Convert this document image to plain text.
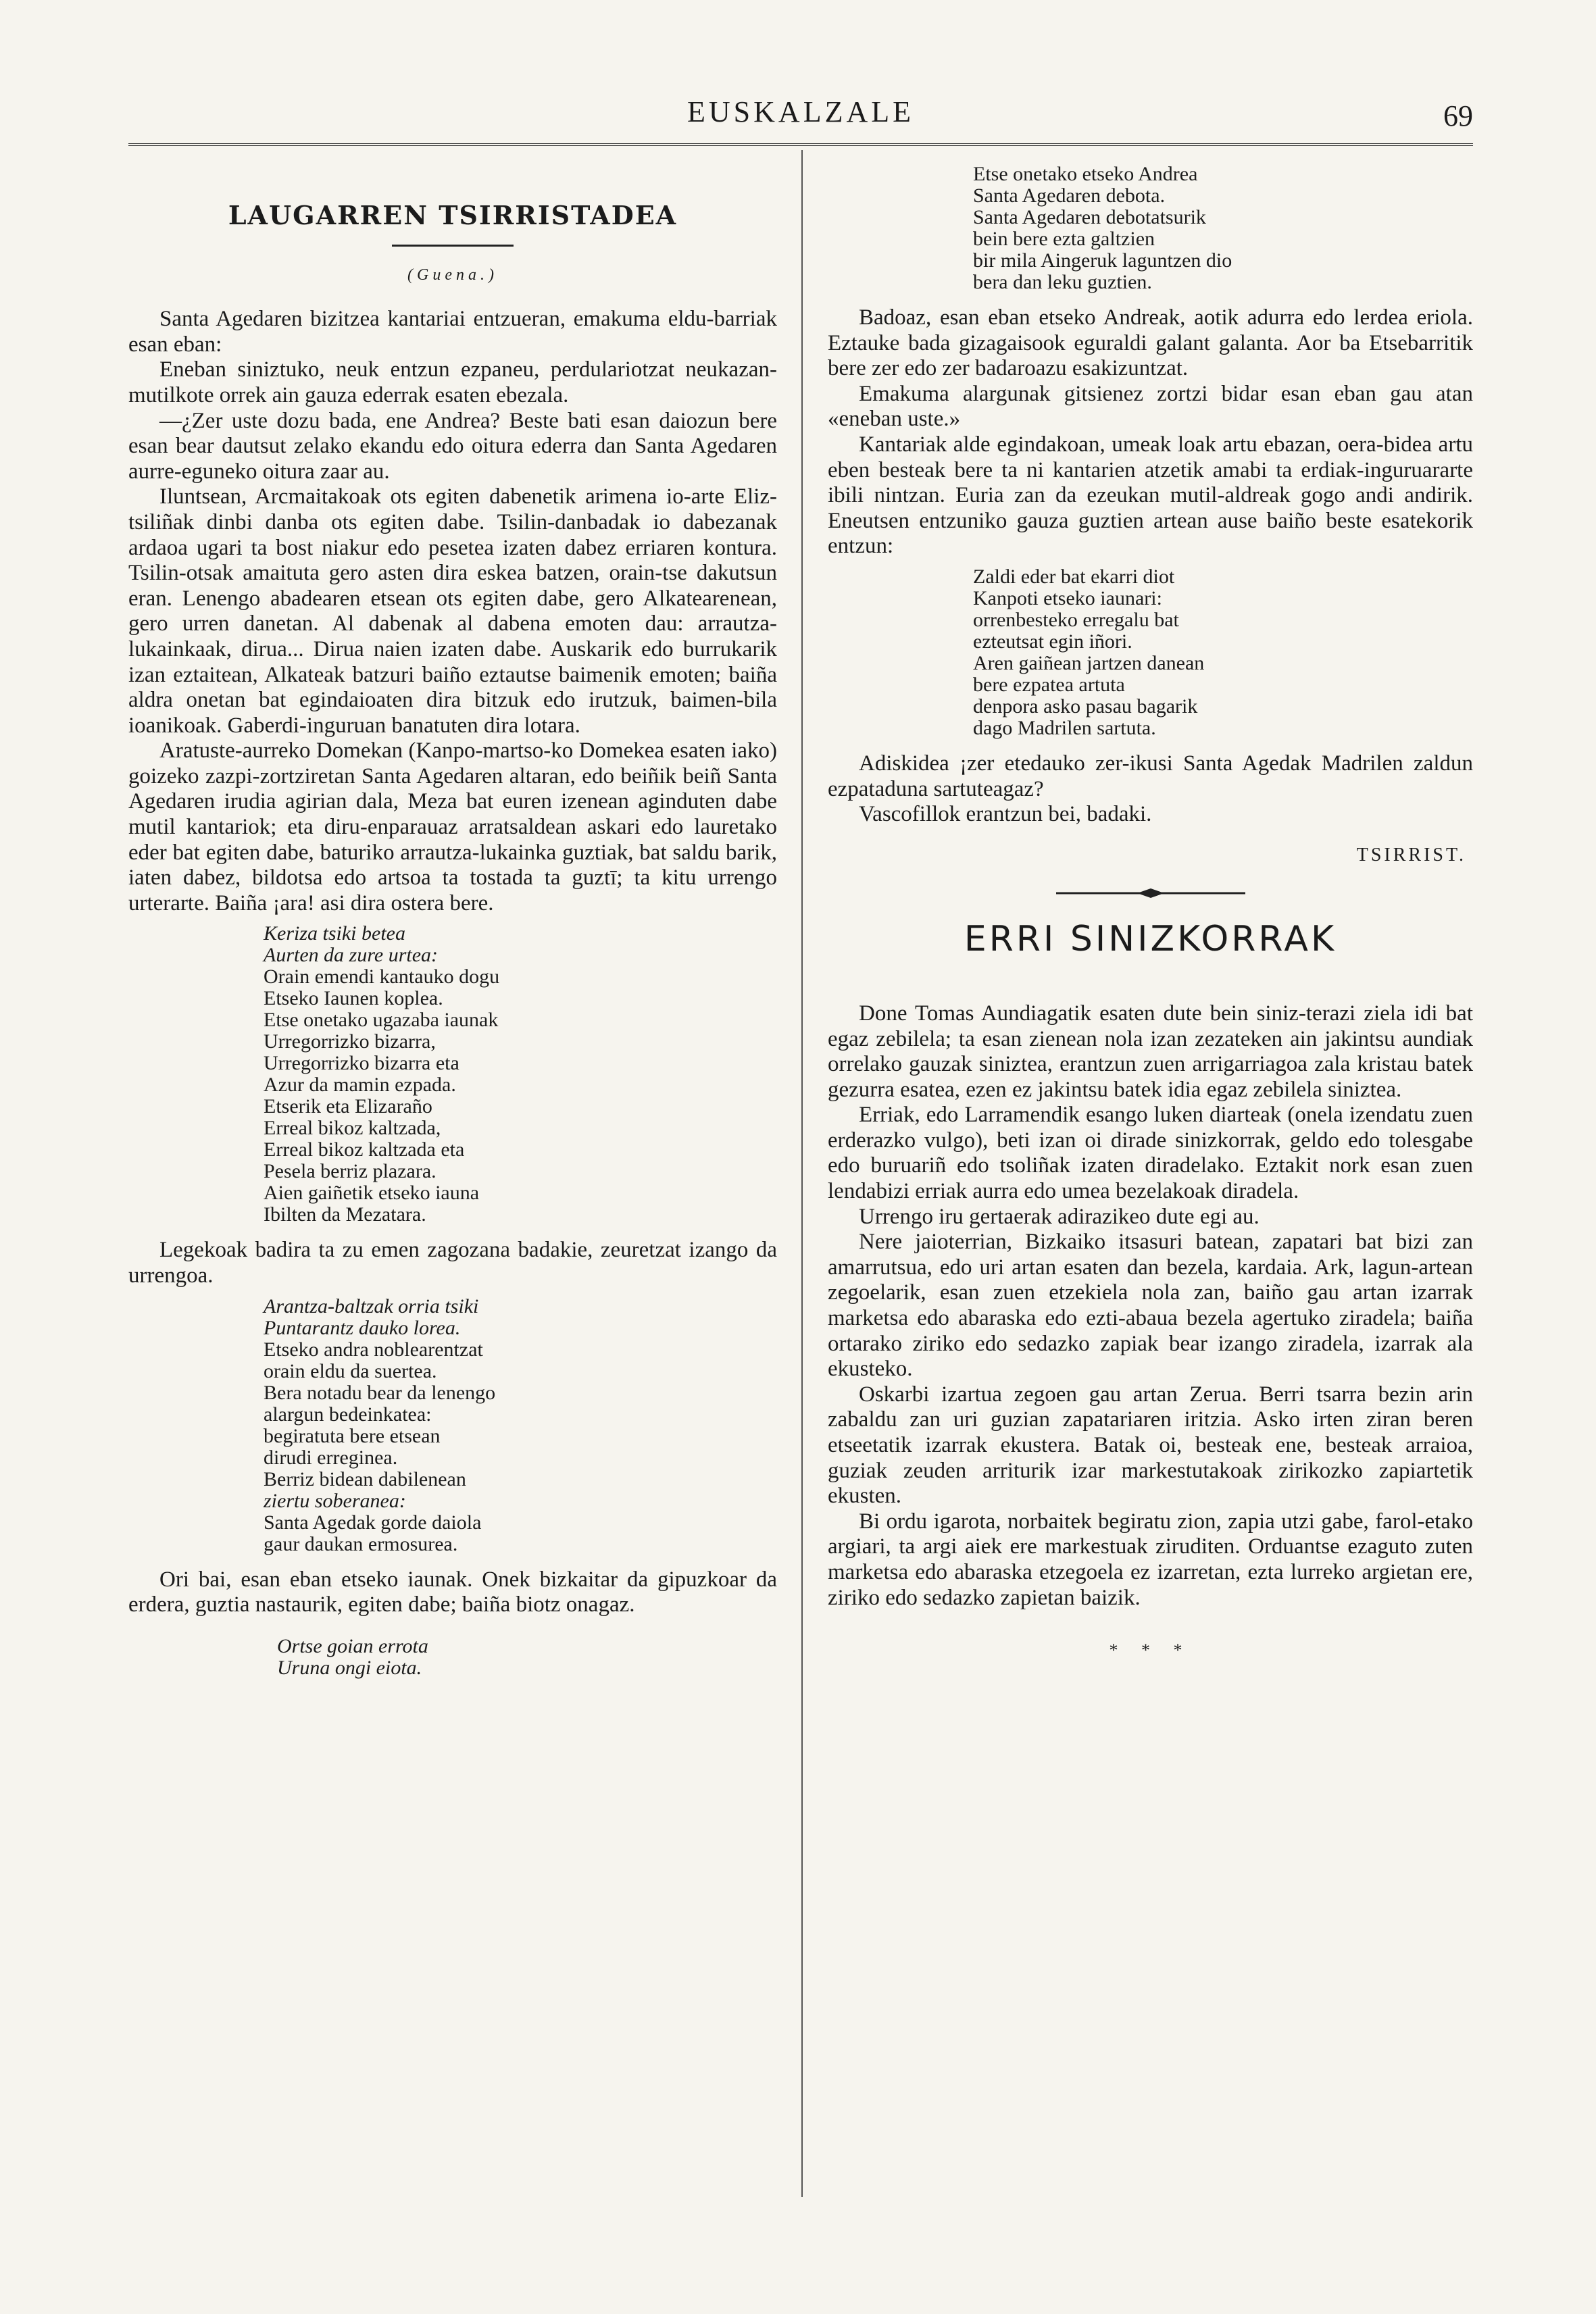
EUSKALZALE	69
LAUGARREN TSIRRISTADEA
(Guena.)

Santa Agedaren bizitzea kantariai entzueran, emakuma eldu-barriak esan eban:

Eneban siniztuko, neuk entzun ezpaneu, perdulariotzat neukazan-mutilkote orrek ain gauza ederrak esaten ebezala.

—¿Zer uste dozu bada, ene Andrea? Beste bati esan daiozun bere esan bear dautsut zelako ekandu edo oitura ederra dan Santa Agedaren aurre-eguneko oitura zaar au.

Iluntsean, Arcmaitakoak ots egiten dabenetik arimena io-arte Eliz-tsiliñak dinbi danba ots egiten dabe. Tsilin-danbadak io dabezanak ardaoa ugari ta bost niakur edo pesetea izaten dabez erriaren kontura. Tsilin-otsak amaituta gero asten dira eskea batzen, orain-tse dakutsun eran. Lenengo abadearen etsean ots egiten dabe, gero Alkatearenean, gero urren danetan. Al dabenak al dabena emoten dau: arrautza-lukainkaak, dirua... Dirua naien izaten dabe. Auskarik edo burrukarik izan eztaitean, Alkateak batzuri baiño eztautse baimenik emoten; baiña aldra onetan bat egindaioaten dira bitzuk edo irutzuk, baimen-bila ioanikoak. Gaberdi-inguruan banatuten dira lotara.

Aratuste-aurreko Domekan (Kanpo-martso-ko Domekea esaten iako) goizeko zazpi-zortziretan Santa Agedaren altaran, edo beiñik beiñ Santa Agedaren irudia agirian dala, Meza bat euren izenean aginduten dabe mutil kantariok; eta diru-enparauaz arratsaldean askari edo lauretako eder bat egiten dabe, baturiko arrautza-lukainka guztiak, bat saldu barik, iaten dabez, bildotsa edo artsoa ta tostada ta guztī; ta kitu urrengo urterarte. Baiña ¡ara! asi dira ostera bere.

Keriza tsiki betea
Aurten da zure urtea:
Orain emendi kantauko dogu
Etseko Iaunen koplea.
Etse onetako ugazaba iaunak
Urregorrizko bizarra,
Urregorrizko bizarra eta
Azur da mamin ezpada.
Etserik eta Elizaraño
Erreal bikoz kaltzada,
Erreal bikoz kaltzada eta
Pesela berriz plazara.
Aien gaiñetik etseko iauna
Ibilten da Mezatara.

Legekoak badira ta zu emen zagozana badakie, zeuretzat izango da urrengoa.

Arantza-baltzak orria tsiki
Puntarantz dauko lorea.
Etseko andra noblearentzat
orain eldu da suertea.
Bera notadu bear da lenengo
alargun bedeinkatea:
begiratuta bere etsean
dirudi erreginea.
Berriz bidean dabilenean
ziertu soberanea:
Santa Agedak gorde daiola
gaur daukan ermosurea.

Ori bai, esan eban etseko iaunak. Onek bizkaitar da gipuzkoar da erdera, guztia nastaurik, egiten dabe; baiña biotz onagaz.

Ortse goian errota
Uruna ongi eiota.
Etse onetako etseko Andrea
Santa Agedaren debota.
Santa Agedaren debotatsurik
bein bere ezta galtzien
bir mila Aingeruk laguntzen dio
bera dan leku guztien.

Badoaz, esan eban etseko Andreak, aotik adurra edo lerdea eriola. Eztauke bada gizagaisook eguraldi galant galanta. Aor ba Etsebarritik bere zer edo zer badaroazu esakizuntzat.

Emakuma alargunak gitsienez zortzi bidar esan eban gau atan «eneban uste.»

Kantariak alde egindakoan, umeak loak artu ebazan, oera-bidea artu eben besteak bere ta ni kantarien atzetik amabi ta erdiak-inguruararte ibili nintzan. Euria zan da ezeukan mutil-aldreak gogo andi andirik. Eneutsen entzuniko gauza guztien artean ause baiño beste esatekorik entzun:

Zaldi eder bat ekarri diot
Kanpoti etseko iaunari:
orrenbesteko erregalu bat
ezteutsat egin iñori.
Aren gaiñean jartzen danean
bere ezpatea artuta
denpora asko pasau bagarik
dago Madrilen sartuta.

Adiskidea ¡zer etedauko zer-ikusi Santa Agedak Madrilen zaldun ezpataduna sartuteagaz?

Vascofillok erantzun bei, badaki.

TSIRRIST.
ERRI SINIZKORRAK

Done Tomas Aundiagatik esaten dute bein siniz-terazi ziela idi bat egaz zebilela; ta esan zienean nola izan zezateken ain jakintsu aundiak orrelako gauzak siniztea, erantzun zuen arrigarriagoa zala kristau batek gezurra esatea, ezen ez jakintsu batek idia egaz zebilela siniztea.

Erriak, edo Larramendik esango luken diarteak (onela izendatu zuen erderazko vulgo), beti izan oi dirade sinizkorrak, geldo edo tolesgabe edo buruariñ edo tsoliñak izaten diradelako. Eztakit nork esan zuen lendabizi erriak aurra edo umea bezelakoak diradela.

Urrengo iru gertaerak adirazikeo dute egi au.

Nere jaioterrian, Bizkaiko itsasuri batean, zapatari bat bizi zan amarrutsua, edo uri artan esaten dan bezela, kardaia. Ark, lagun-artean zegoelarik, esan zuen etzekiela nola zan, baiño gau artan izarrak marketsa edo abaraska edo ezti-abaua bezela agertuko ziradela; baiña ortarako ziriko edo sedazko zapiak bear izango ziradela, izarrak ala ekusteko.

Oskarbi izartua zegoen gau artan Zerua. Berri tsarra bezin arin zabaldu zan uri guzian zapatariaren iritzia. Asko irten ziran beren etseetatik izarrak ekustera. Batak oi, besteak ene, besteak arraioa, guziak zeuden arriturik izar markestutakoak zirikozko zapiartetik ekusten.

Bi ordu igarota, norbaitek begiratu zion, zapia utzi gabe, farol-etako argiari, ta argi aiek ere markestuak ziruditen. Orduantse ezaguto zuten marketsa edo abaraska etzegoela ez izarretan, ezta lurreko argietan ere, ziriko edo sedazko zapietan baizik.

* * *
